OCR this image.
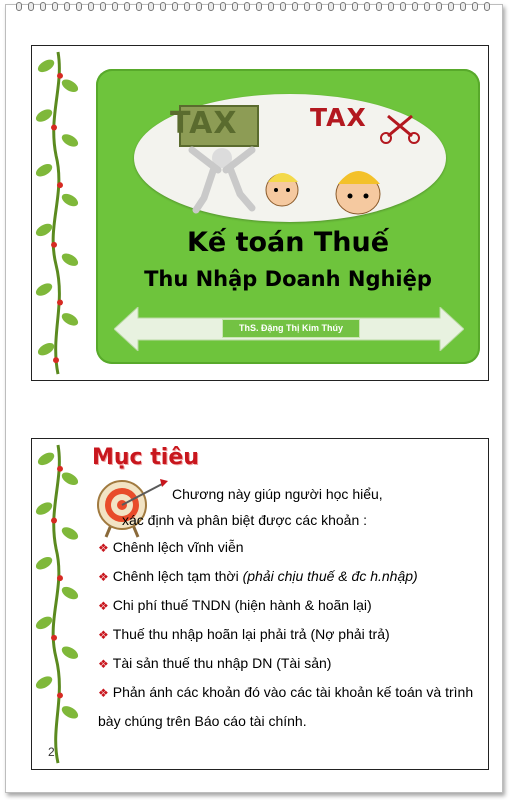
TAX	TAX
Kế toán Thuế
Thu Nhập Doanh Nghiệp
ThS. Đặng Thị Kim Thúy
Mục tiêu
Chương này giúp người học hiểu,
xác định và phân biệt được các khoản :
❖ Chênh lệch vĩnh viễn
❖ Chênh lệch tạm thời (phải chịu thuế & đc h.nhập)
❖ Chi phí thuế TNDN (hiện hành & hoãn lại)
❖ Thuế thu nhập hoãn lại phải trả (Nợ phải trả)
❖ Tài sản thuế thu nhập DN (Tài sản)
❖ Phản ánh các khoản đó vào các tài khoản kế toán và trình bày chúng trên Báo cáo tài chính.
2
